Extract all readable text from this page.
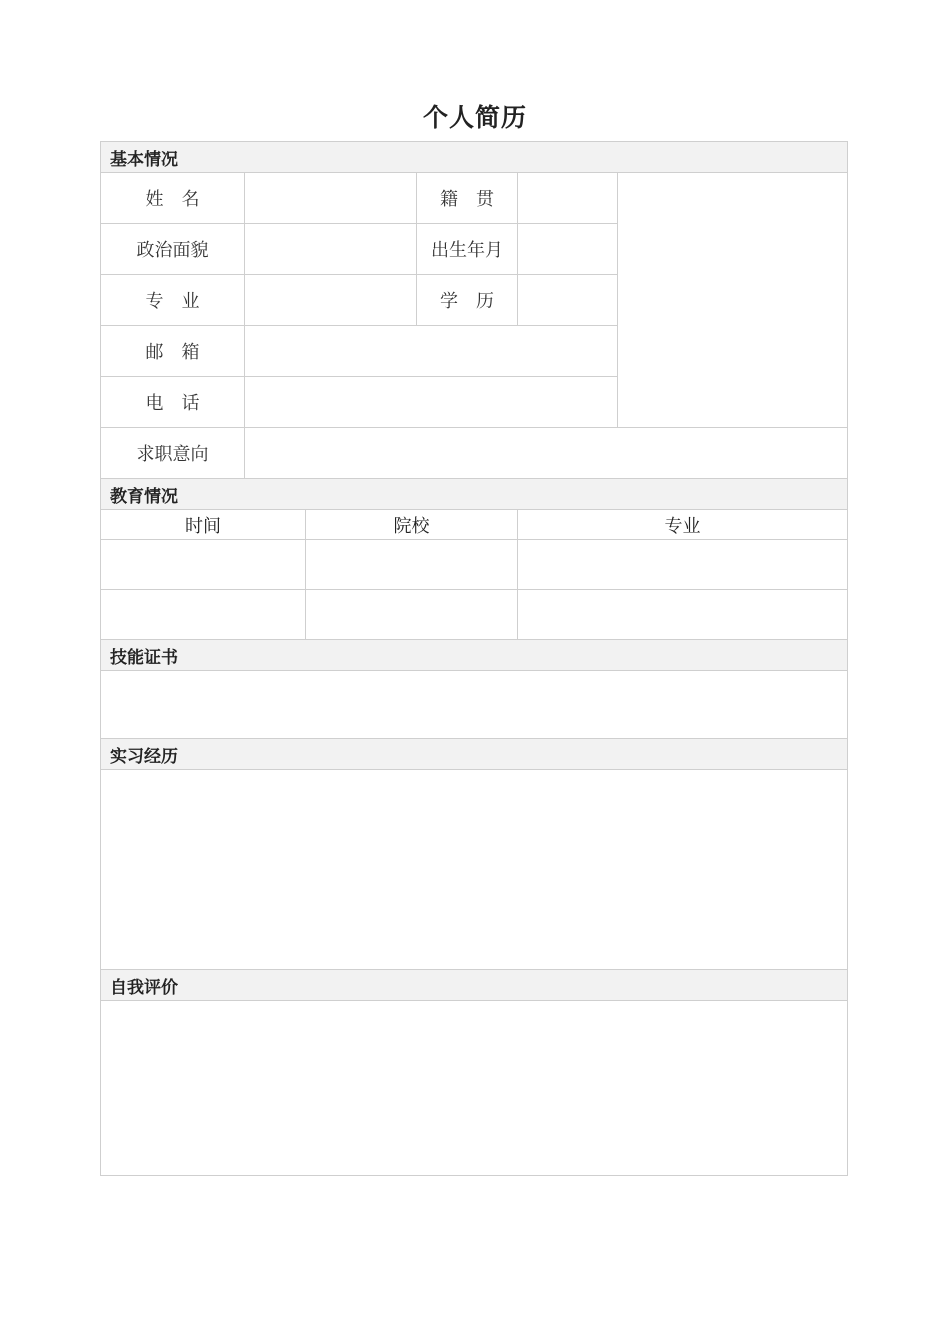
个人简历
基本情况					
姓　名			籍　贯		
政治面貌			出生年月		
专　业			学　历		
邮　箱					
电　话					
求职意向					
教育情况					
时间		院校		专业	

技能证书					

实习经历					

自我评价					
